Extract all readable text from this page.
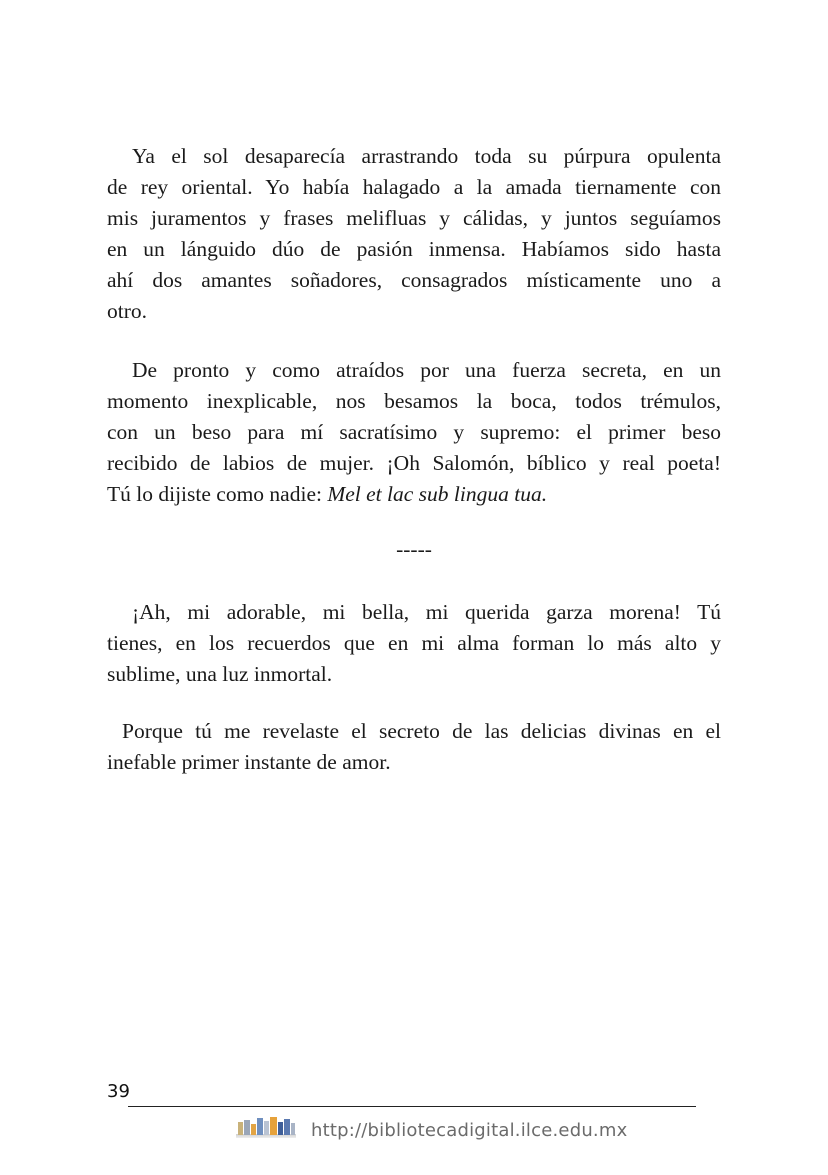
Ya el sol desaparecía arrastrando toda su púrpura opulenta
de rey oriental. Yo había halagado a la amada tiernamente con
mis juramentos y frases melifluas y cálidas, y juntos seguíamos
en un lánguido dúo de pasión inmensa. Habíamos sido hasta
ahí dos amantes soñadores, consagrados místicamente uno a
otro.

De pronto y como atraídos por una fuerza secreta, en un
momento inexplicable, nos besamos la boca, todos trémulos,
con un beso para mí sacratísimo y supremo: el primer beso
recibido de labios de mujer. ¡Oh Salomón, bíblico y real poeta!
Tú lo dijiste como nadie: Mel et lac sub lingua tua.

-----

¡Ah, mi adorable, mi bella, mi querida garza morena! Tú
tienes, en los recuerdos que en mi alma forman lo más alto y
sublime, una luz inmortal.

Porque tú me revelaste el secreto de las delicias divinas en el
inefable primer instante de amor.

39
http://bibliotecadigital.ilce.edu.mx
